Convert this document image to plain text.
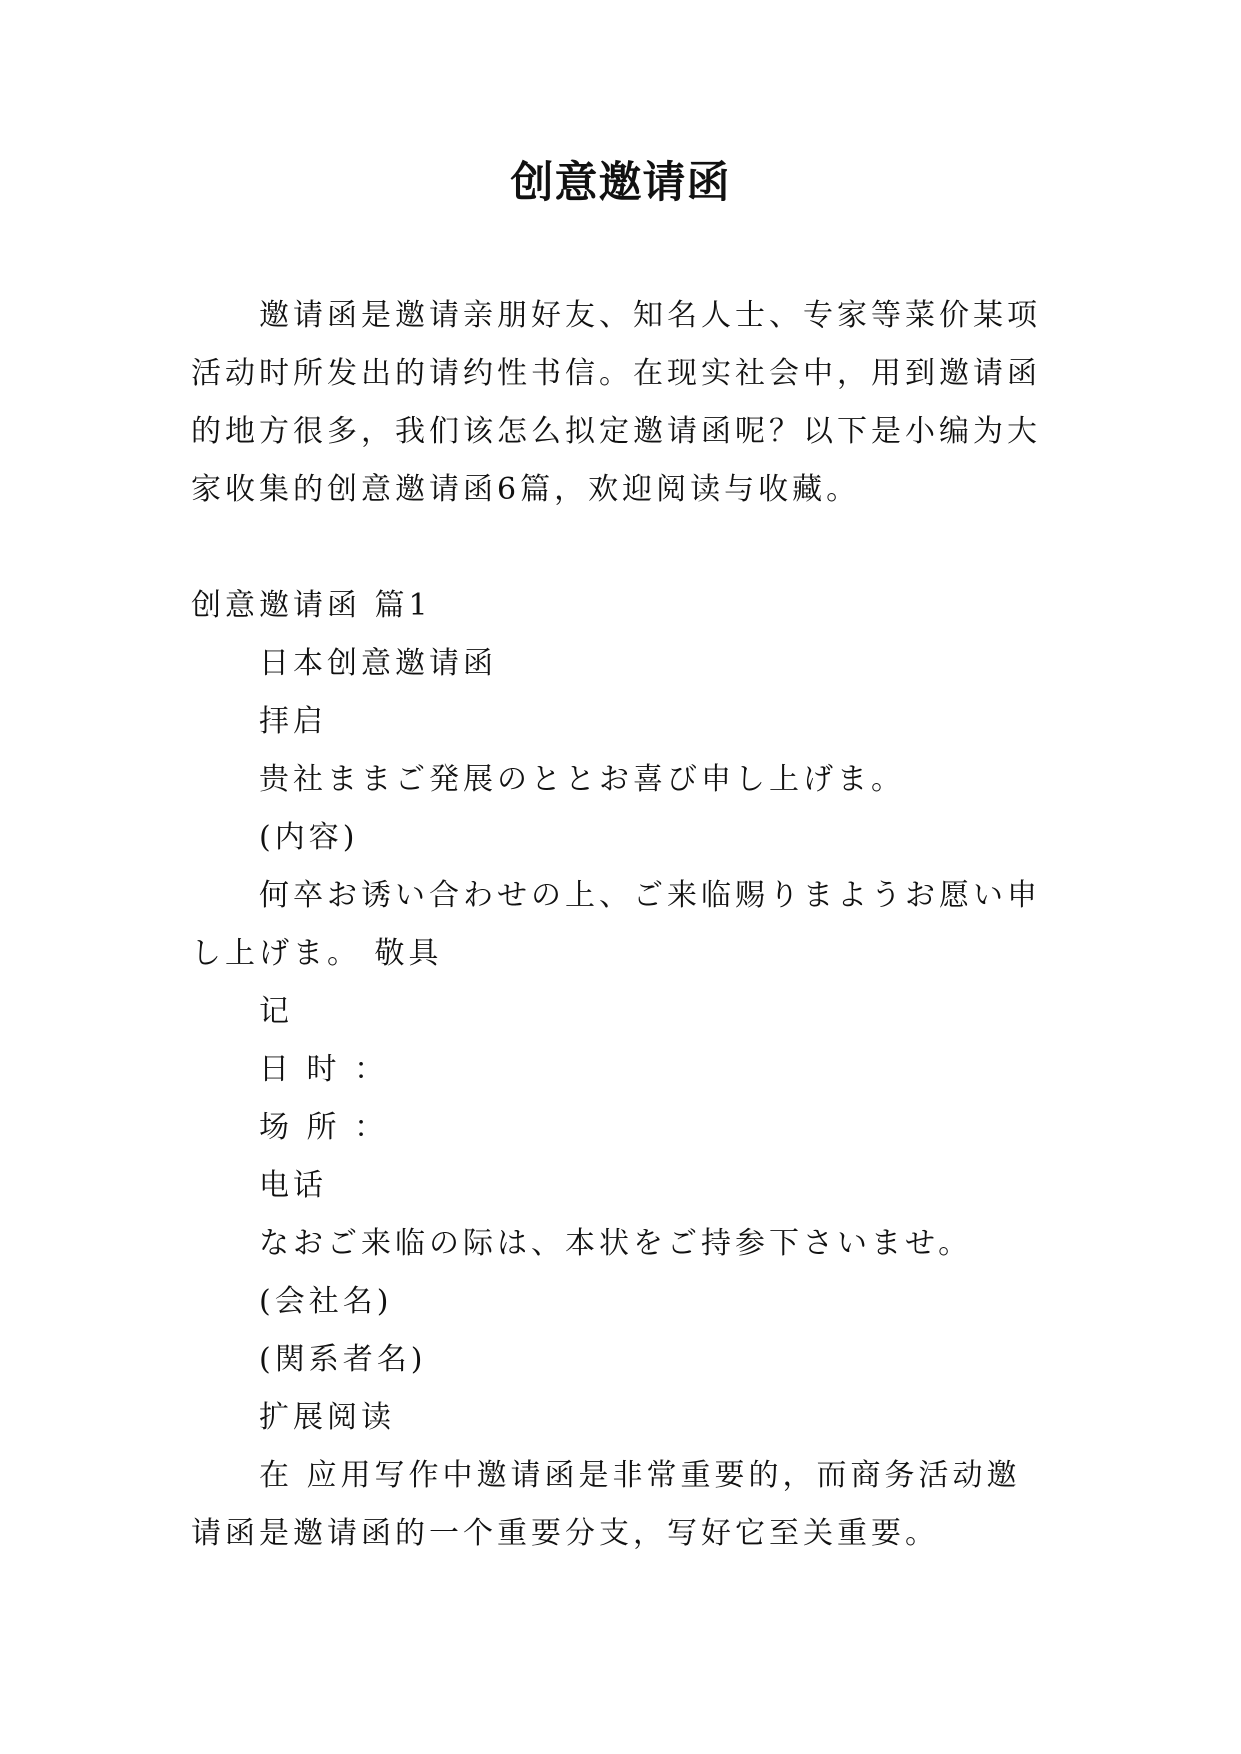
创意邀请函

邀请函是邀请亲朋好友、知名人士、专家等菜价某项活动时所发出的请约性书信。在现实社会中，用到邀请函的地方很多，我们该怎么拟定邀请函呢？以下是小编为大家收集的创意邀请函6篇，欢迎阅读与收藏。

创意邀请函 篇1

日本创意邀请函

拝启

贵社ままご発展のととお喜び申し上げま。

(内容)

何卒お诱い合わせの上、ご来临赐りまようお愿い申し上げま。 敬具

记

日 时 ：

场 所 ：

电话

なおご来临の际は、本状をご持参下さいませ。

(会社名)

(関系者名)

扩展阅读

在 应用写作中邀请函是非常重要的，而商务活动邀请函是邀请函的一个重要分支，写好它至关重要。
